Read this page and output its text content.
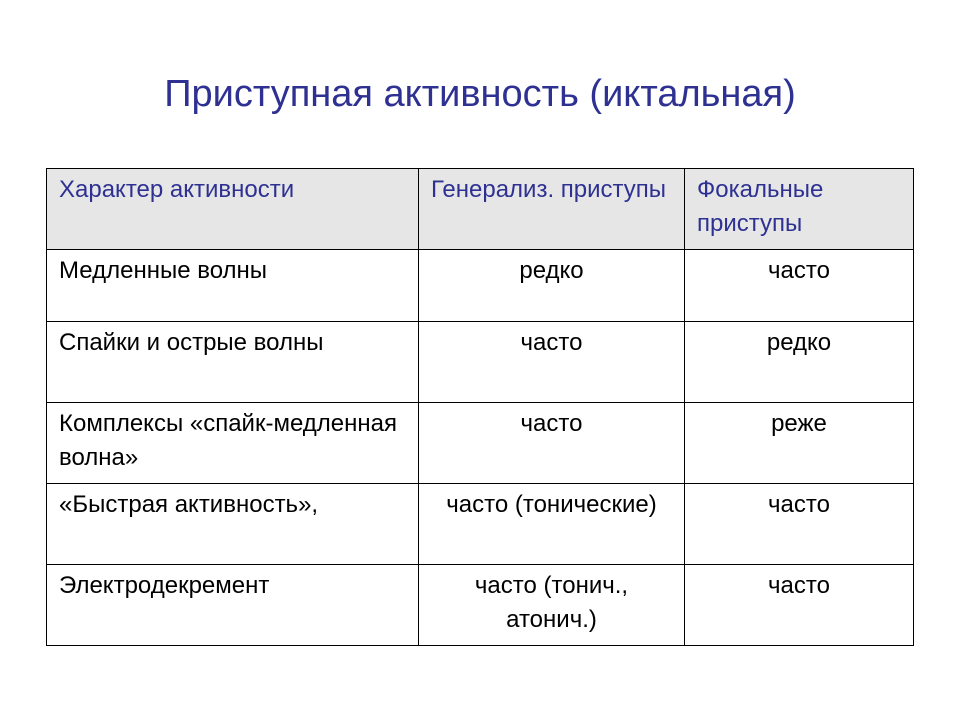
Приступная активность (иктальная)
Характер активности	Генерализ. приступы	Фокальные приступы
Медленные волны	редко	часто
Спайки и острые волны	часто	редко
Комплексы «спайк-медленная волна»	часто	реже
«Быстрая активность»,	часто (тонические)	часто
Электродекремент	часто (тонич., атонич.)	часто
